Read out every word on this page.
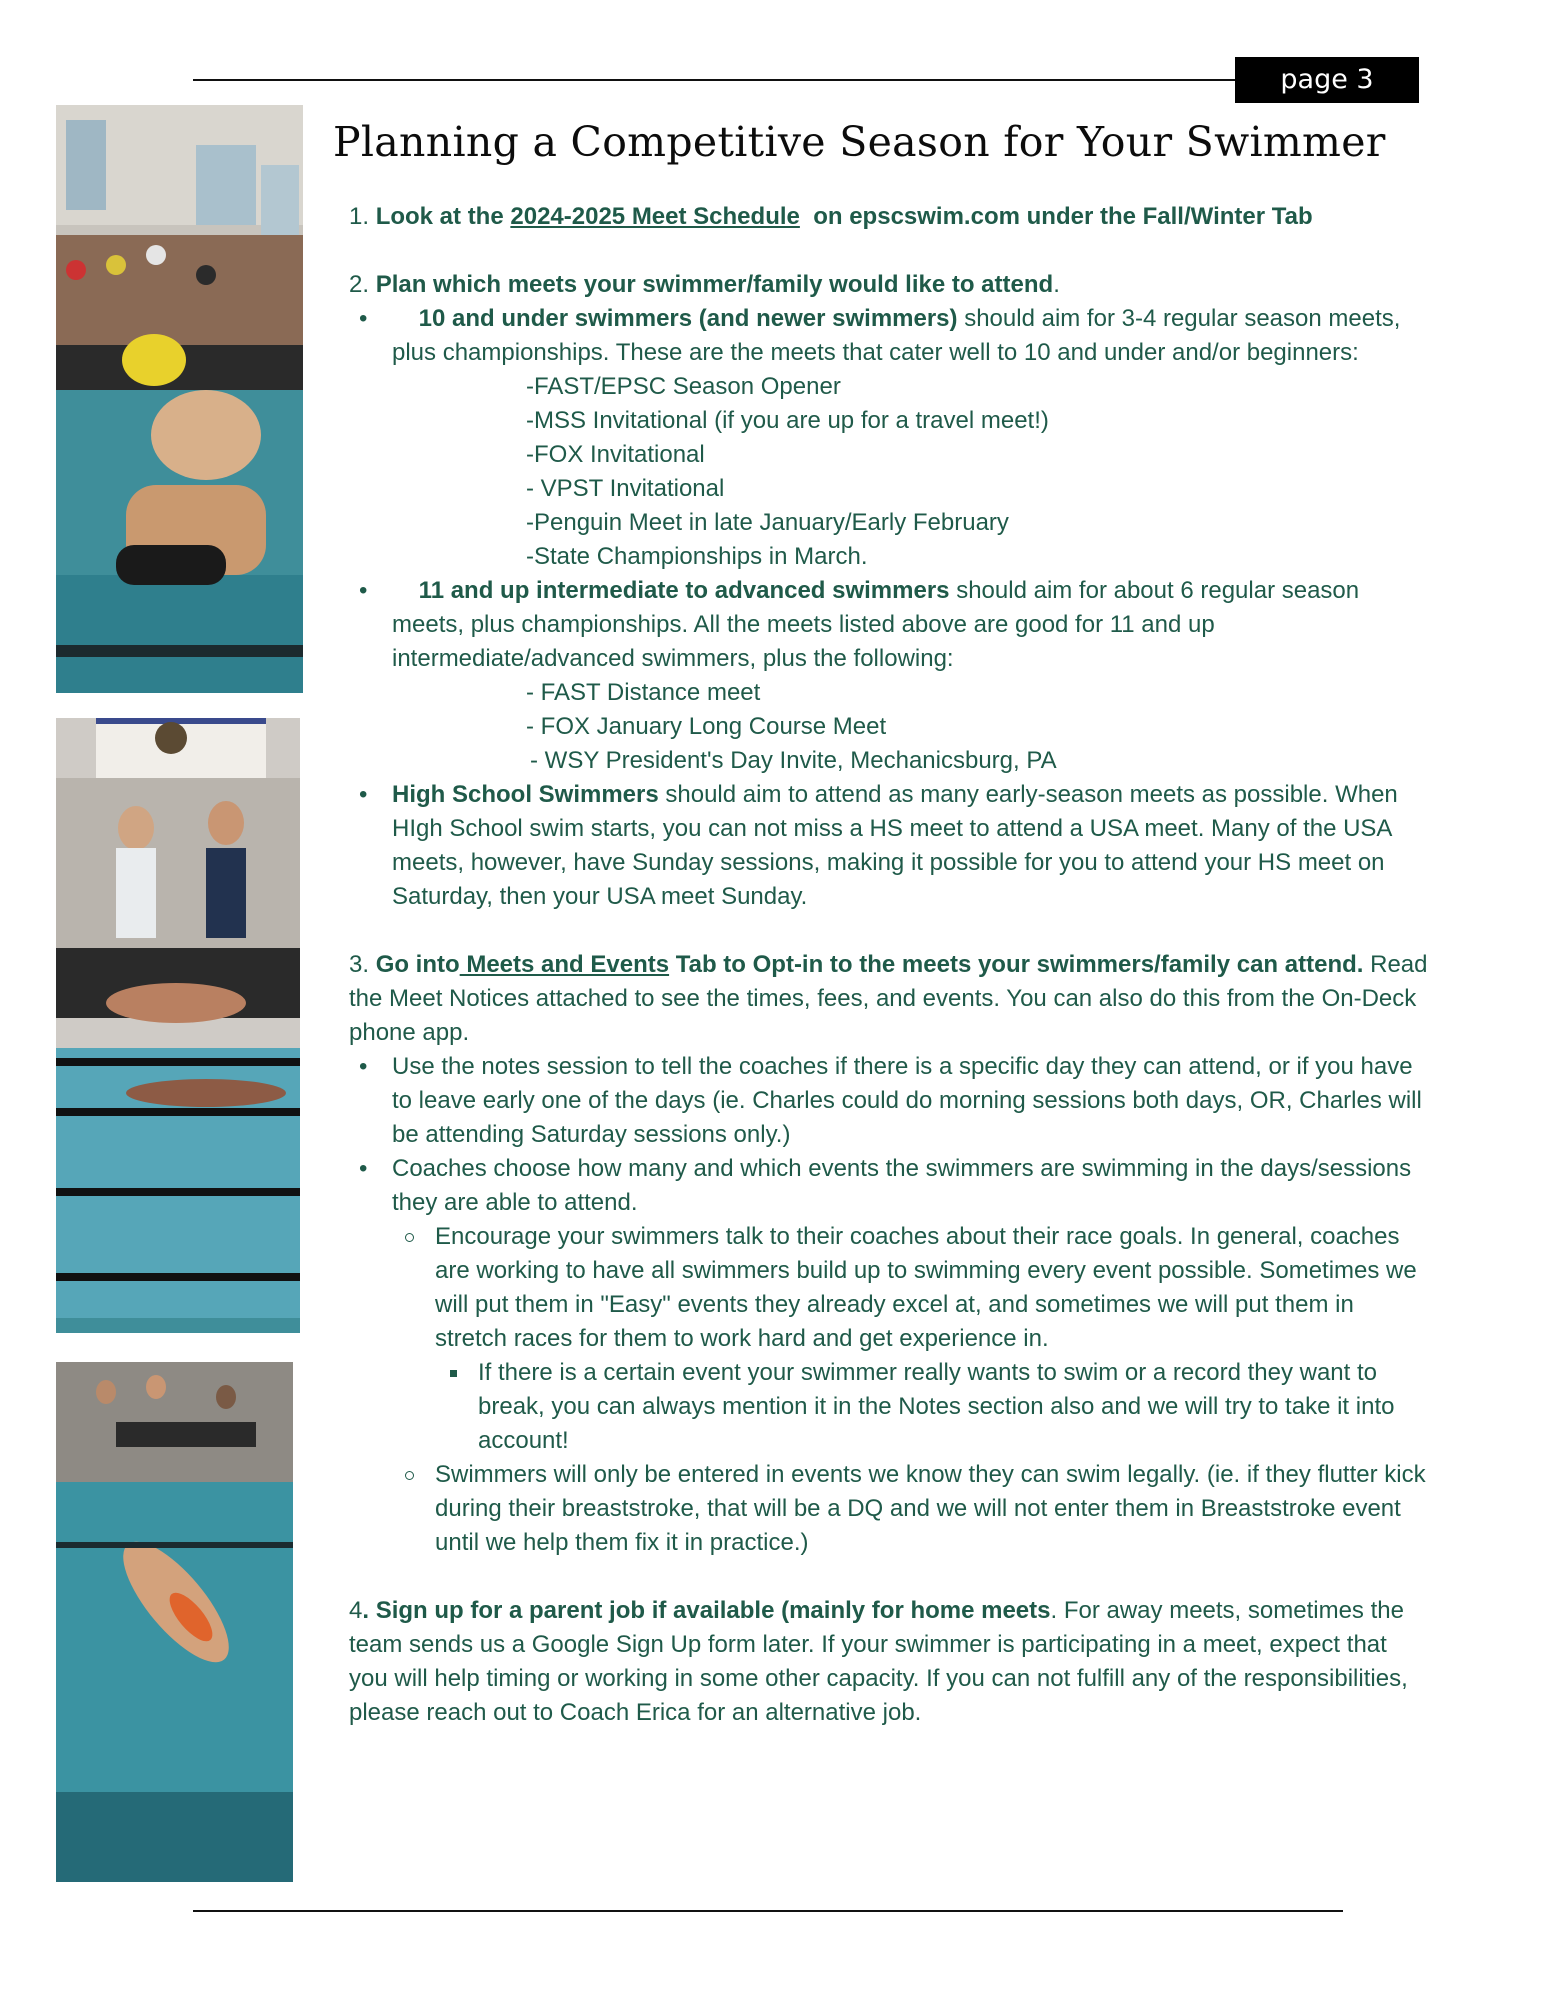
page 3
Planning a Competitive Season for Your Swimmer

1. Look at the 2024-2025 Meet Schedule on epscswim.com under the Fall/Winter Tab

2. Plan which meets your swimmer/family would like to attend.

• 10 and under swimmers (and newer swimmers) should aim for 3-4 regular season meets, plus championships. These are the meets that cater well to 10 and under and/or beginners:
-FAST/EPSC Season Opener
-MSS Invitational (if you are up for a travel meet!)
-FOX Invitational
- VPST Invitational
-Penguin Meet in late January/Early February
-State Championships in March.
• 11 and up intermediate to advanced swimmers should aim for about 6 regular season meets, plus championships. All the meets listed above are good for 11 and up intermediate/advanced swimmers, plus the following:
- FAST Distance meet
- FOX January Long Course Meet
- WSY President's Day Invite, Mechanicsburg, PA
• High School Swimmers should aim to attend as many early-season meets as possible. When HIgh School swim starts, you can not miss a HS meet to attend a USA meet. Many of the USA meets, however, have Sunday sessions, making it possible for you to attend your HS meet on Saturday, then your USA meet Sunday.

3. Go into Meets and Events Tab to Opt-in to the meets your swimmers/family can attend. Read the Meet Notices attached to see the times, fees, and events. You can also do this from the On-Deck phone app.

• Use the notes session to tell the coaches if there is a specific day they can attend, or if you have to leave early one of the days (ie. Charles could do morning sessions both days, OR, Charles will be attending Saturday sessions only.)
• Coaches choose how many and which events the swimmers are swimming in the days/sessions they are able to attend.
Encourage your swimmers talk to their coaches about their race goals. In general, coaches are working to have all swimmers build up to swimming every event possible. Sometimes we will put them in "Easy" events they already excel at, and sometimes we will put them in stretch races for them to work hard and get experience in.
If there is a certain event your swimmer really wants to swim or a record they want to break, you can always mention it in the Notes section also and we will try to take it into account!
Swimmers will only be entered in events we know they can swim legally. (ie. if they flutter kick during their breaststroke, that will be a DQ and we will not enter them in Breaststroke event until we help them fix it in practice.)

4. Sign up for a parent job if available (mainly for home meets. For away meets, sometimes the team sends us a Google Sign Up form later. If your swimmer is participating in a meet, expect that you will help timing or working in some other capacity. If you can not fulfill any of the responsibilities, please reach out to Coach Erica for an alternative job.
